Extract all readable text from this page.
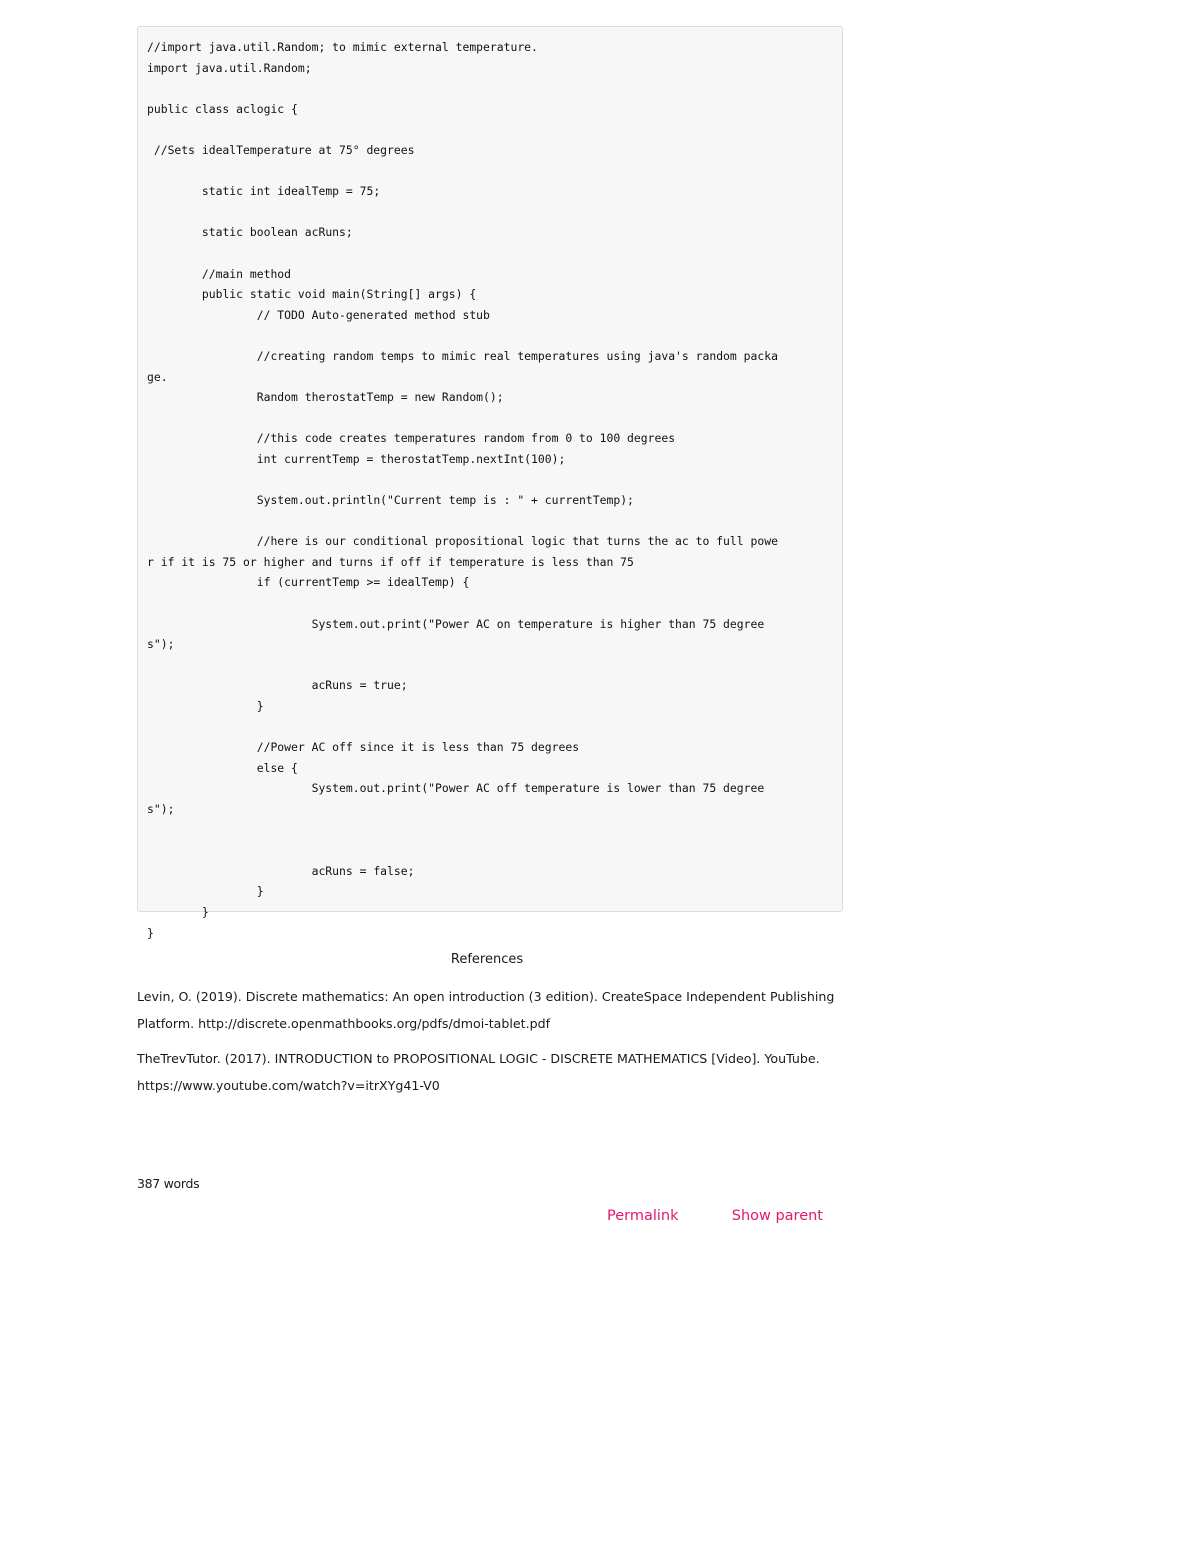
//import java.util.Random; to mimic external temperature.
import java.util.Random;

public class aclogic {

//Sets idealTemperature at 75° degrees

	static int idealTemp = 75;

	static boolean acRuns;

	//main method
	public static void main(String[] args) {
		// TODO Auto-generated method stub

		//creating random temps to mimic real temperatures using java's random packa
ge.
		Random therostatTemp = new Random();

		//this code creates temperatures random from 0 to 100 degrees
		int currentTemp = therostatTemp.nextInt(100);

		System.out.println("Current temp is : " + currentTemp);

		//here is our conditional propositional logic that turns the ac to full powe
r if it is 75 or higher and turns if off if temperature is less than 75
		if (currentTemp >= idealTemp) {

			System.out.print("Power AC on temperature is higher than 75 degree
s");

			acRuns = true;
		}

		//Power AC off since it is less than 75 degrees
		else {
			System.out.print("Power AC off temperature is lower than 75 degree
s");

			acRuns = false;
		}
	}
}
References

Levin, O. (2019). Discrete mathematics: An open introduction (3 edition). CreateSpace Independent Publishing Platform. http://discrete.openmathbooks.org/pdfs/dmoi-tablet.pdf

TheTrevTutor. (2017). INTRODUCTION to PROPOSITIONAL LOGIC - DISCRETE MATHEMATICS [Video]. YouTube. https://www.youtube.com/watch?v=itrXYg41-V0

387 words
Permalink	Show parent
